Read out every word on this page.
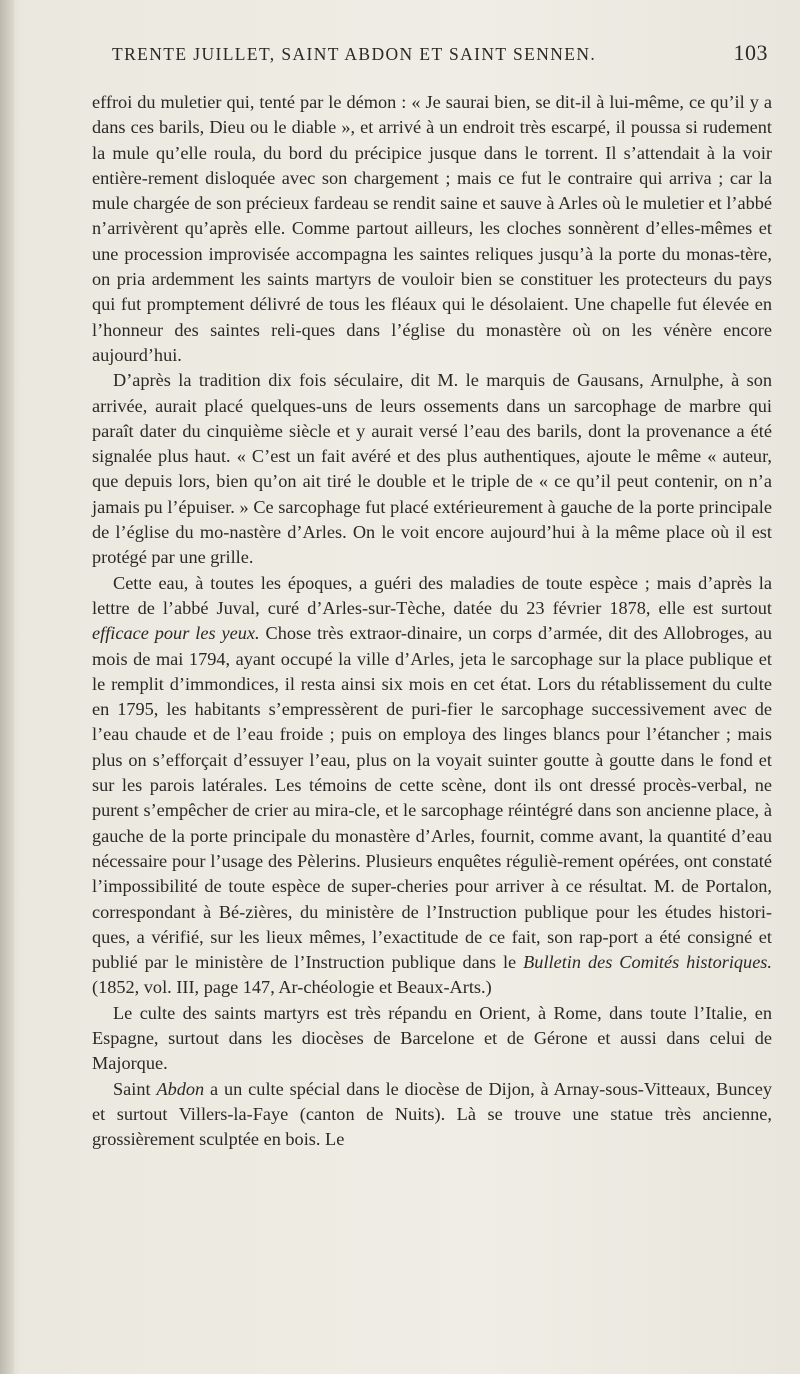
TRENTE JUILLET, SAINT ABDON ET SAINT SENNEN.	103

effroi du muletier qui, tenté par le démon : « Je saurai bien, se dit-il à lui-même, ce qu’il y a dans ces barils, Dieu ou le diable », et arrivé à un endroit très escarpé, il poussa si rudement la mule qu’elle roula, du bord du précipice jusque dans le torrent. Il s’attendait à la voir entière-rement disloquée avec son chargement ; mais ce fut le contraire qui arriva ; car la mule chargée de son précieux fardeau se rendit saine et sauve à Arles où le muletier et l’abbé n’arrivèrent qu’après elle. Comme partout ailleurs, les cloches sonnèrent d’elles-mêmes et une procession improvisée accompagna les saintes reliques jusqu’à la porte du monas-tère, on pria ardemment les saints martyrs de vouloir bien se constituer les protecteurs du pays qui fut promptement délivré de tous les fléaux qui le désolaient. Une chapelle fut élevée en l’honneur des saintes reli-ques dans l’église du monastère où on les vénère encore aujourd’hui.

D’après la tradition dix fois séculaire, dit M. le marquis de Gausans, Arnulphe, à son arrivée, aurait placé quelques-uns de leurs ossements dans un sarcophage de marbre qui paraît dater du cinquième siècle et y aurait versé l’eau des barils, dont la provenance a été signalée plus haut. « C’est un fait avéré et des plus authentiques, ajoute le même « auteur, que depuis lors, bien qu’on ait tiré le double et le triple de « ce qu’il peut contenir, on n’a jamais pu l’épuiser. » Ce sarcophage fut placé extérieurement à gauche de la porte principale de l’église du mo-nastère d’Arles. On le voit encore aujourd’hui à la même place où il est protégé par une grille.

Cette eau, à toutes les époques, a guéri des maladies de toute espèce ; mais d’après la lettre de l’abbé Juval, curé d’Arles-sur-Tèche, datée du 23 février 1878, elle est surtout efficace pour les yeux. Chose très extraor-dinaire, un corps d’armée, dit des Allobroges, au mois de mai 1794, ayant occupé la ville d’Arles, jeta le sarcophage sur la place publique et le remplit d’immondices, il resta ainsi six mois en cet état. Lors du rétablissement du culte en 1795, les habitants s’empressèrent de puri-fier le sarcophage successivement avec de l’eau chaude et de l’eau froide ; puis on employa des linges blancs pour l’étancher ; mais plus on s’efforçait d’essuyer l’eau, plus on la voyait suinter goutte à goutte dans le fond et sur les parois latérales. Les témoins de cette scène, dont ils ont dressé procès-verbal, ne purent s’empêcher de crier au mira-cle, et le sarcophage réintégré dans son ancienne place, à gauche de la porte principale du monastère d’Arles, fournit, comme avant, la quantité d’eau nécessaire pour l’usage des Pèlerins. Plusieurs enquêtes réguliè-rement opérées, ont constaté l’impossibilité de toute espèce de super-cheries pour arriver à ce résultat. M. de Portalon, correspondant à Bé-zières, du ministère de l’Instruction publique pour les études histori-ques, a vérifié, sur les lieux mêmes, l’exactitude de ce fait, son rap-port a été consigné et publié par le ministère de l’Instruction publique dans le Bulletin des Comités historiques. (1852, vol. III, page 147, Ar-chéologie et Beaux-Arts.)

Le culte des saints martyrs est très répandu en Orient, à Rome, dans toute l’Italie, en Espagne, surtout dans les diocèses de Barcelone et de Gérone et aussi dans celui de Majorque.

Saint Abdon a un culte spécial dans le diocèse de Dijon, à Arnay-sous-Vitteaux, Buncey et surtout Villers-la-Faye (canton de Nuits). Là se trouve une statue très ancienne, grossièrement sculptée en bois. Le
